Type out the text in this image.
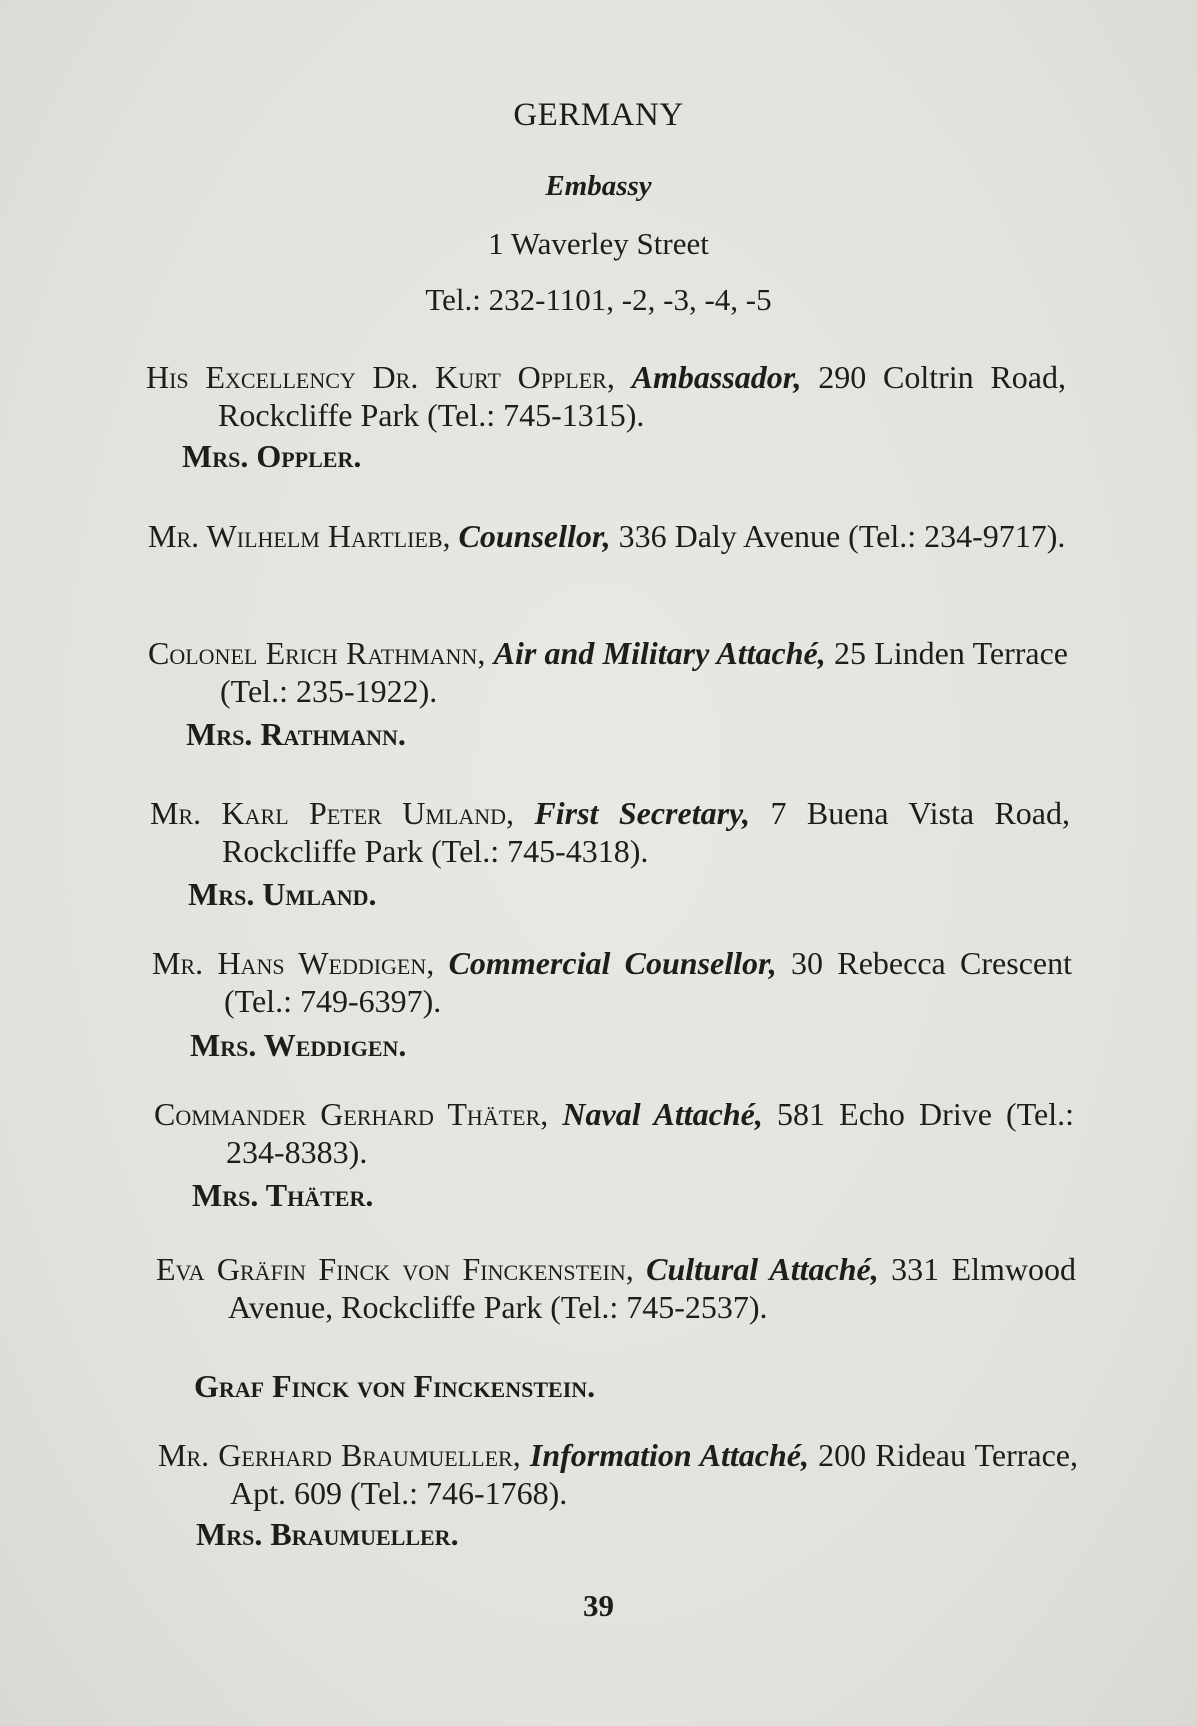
GERMANY
Embassy
1 Waverley Street
Tel.: 232-1101, -2, -3, -4, -5
His Excellency Dr. Kurt Oppler, Ambassador, 290 Coltrin Road, Rockcliffe Park (Tel.: 745-1315).
Mrs. Oppler.
Mr. Wilhelm Hartlieb, Counsellor, 336 Daly Avenue (Tel.: 234-9717).
Colonel Erich Rathmann, Air and Military Attaché, 25 Linden Terrace (Tel.: 235-1922).
Mrs. Rathmann.
Mr. Karl Peter Umland, First Secretary, 7 Buena Vista Road, Rockcliffe Park (Tel.: 745-4318).
Mrs. Umland.
Mr. Hans Weddigen, Commercial Counsellor, 30 Rebecca Crescent (Tel.: 749-6397).
Mrs. Weddigen.
Commander Gerhard Thäter, Naval Attaché, 581 Echo Drive (Tel.: 234-8383).
Mrs. Thäter.
Eva Gräfin Finck von Finckenstein, Cultural Attaché, 331 Elmwood Avenue, Rockcliffe Park (Tel.: 745-2537).
Graf Finck von Finckenstein.
Mr. Gerhard Braumueller, Information Attaché, 200 Rideau Terrace, Apt. 609 (Tel.: 746-1768).
Mrs. Braumueller.
39
